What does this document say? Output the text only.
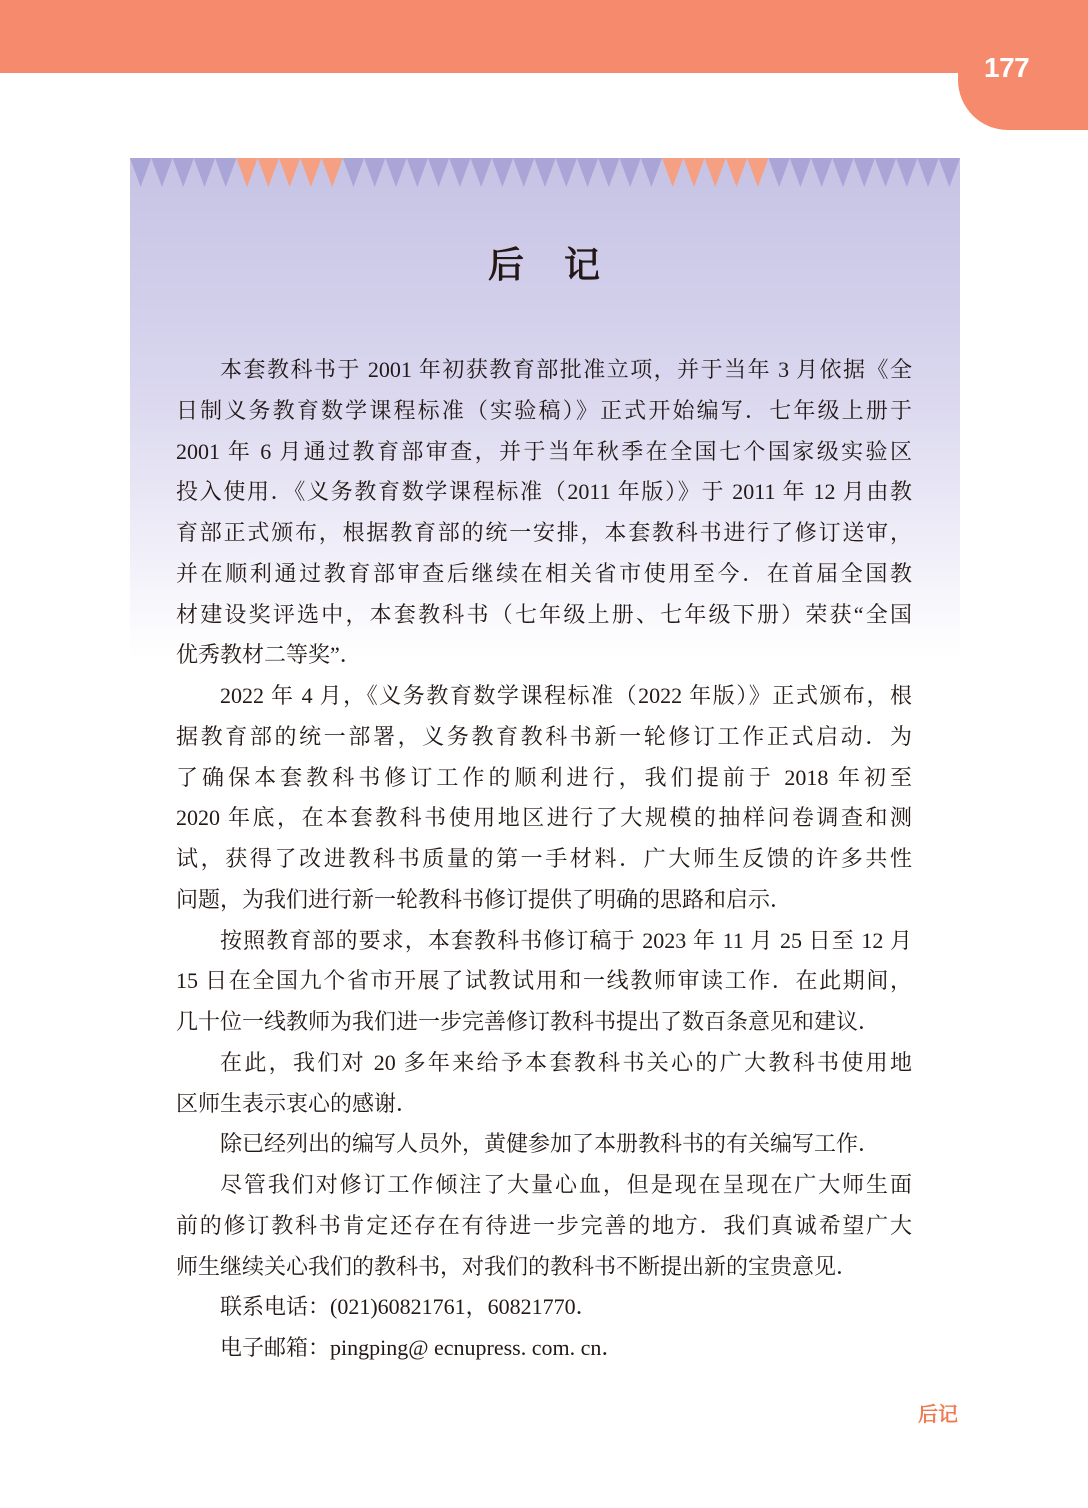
177
后记
本套教科书于 2001 年初获教育部批准立项，并于当年 3 月依据《全
日制义务教育数学课程标准（实验稿）》正式开始编写．七年级上册于
2001 年 6 月通过教育部审查，并于当年秋季在全国七个国家级实验区
投入使用．《义务教育数学课程标准（2011 年版）》于 2011 年 12 月由教
育部正式颁布，根据教育部的统一安排，本套教科书进行了修订送审，
并在顺利通过教育部审查后继续在相关省市使用至今．在首届全国教
材建设奖评选中，本套教科书（七年级上册、七年级下册）荣获“全国
优秀教材二等奖”．
2022 年 4 月，《义务教育数学课程标准（2022 年版）》正式颁布，根
据教育部的统一部署，义务教育教科书新一轮修订工作正式启动．为
了确保本套教科书修订工作的顺利进行，我们提前于 2018 年初至
2020 年底，在本套教科书使用地区进行了大规模的抽样问卷调查和测
试，获得了改进教科书质量的第一手材料．广大师生反馈的许多共性
问题，为我们进行新一轮教科书修订提供了明确的思路和启示．
按照教育部的要求，本套教科书修订稿于 2023 年 11 月 25 日至 12 月
15 日在全国九个省市开展了试教试用和一线教师审读工作．在此期间，
几十位一线教师为我们进一步完善修订教科书提出了数百条意见和建议．
在此，我们对 20 多年来给予本套教科书关心的广大教科书使用地
区师生表示衷心的感谢．
除已经列出的编写人员外，黄健参加了本册教科书的有关编写工作．
尽管我们对修订工作倾注了大量心血，但是现在呈现在广大师生面
前的修订教科书肯定还存在有待进一步完善的地方．我们真诚希望广大
师生继续关心我们的教科书，对我们的教科书不断提出新的宝贵意见．
联系电话：(021)60821761，60821770．
电子邮箱：pingping@ ecnupress. com. cn．
后记
